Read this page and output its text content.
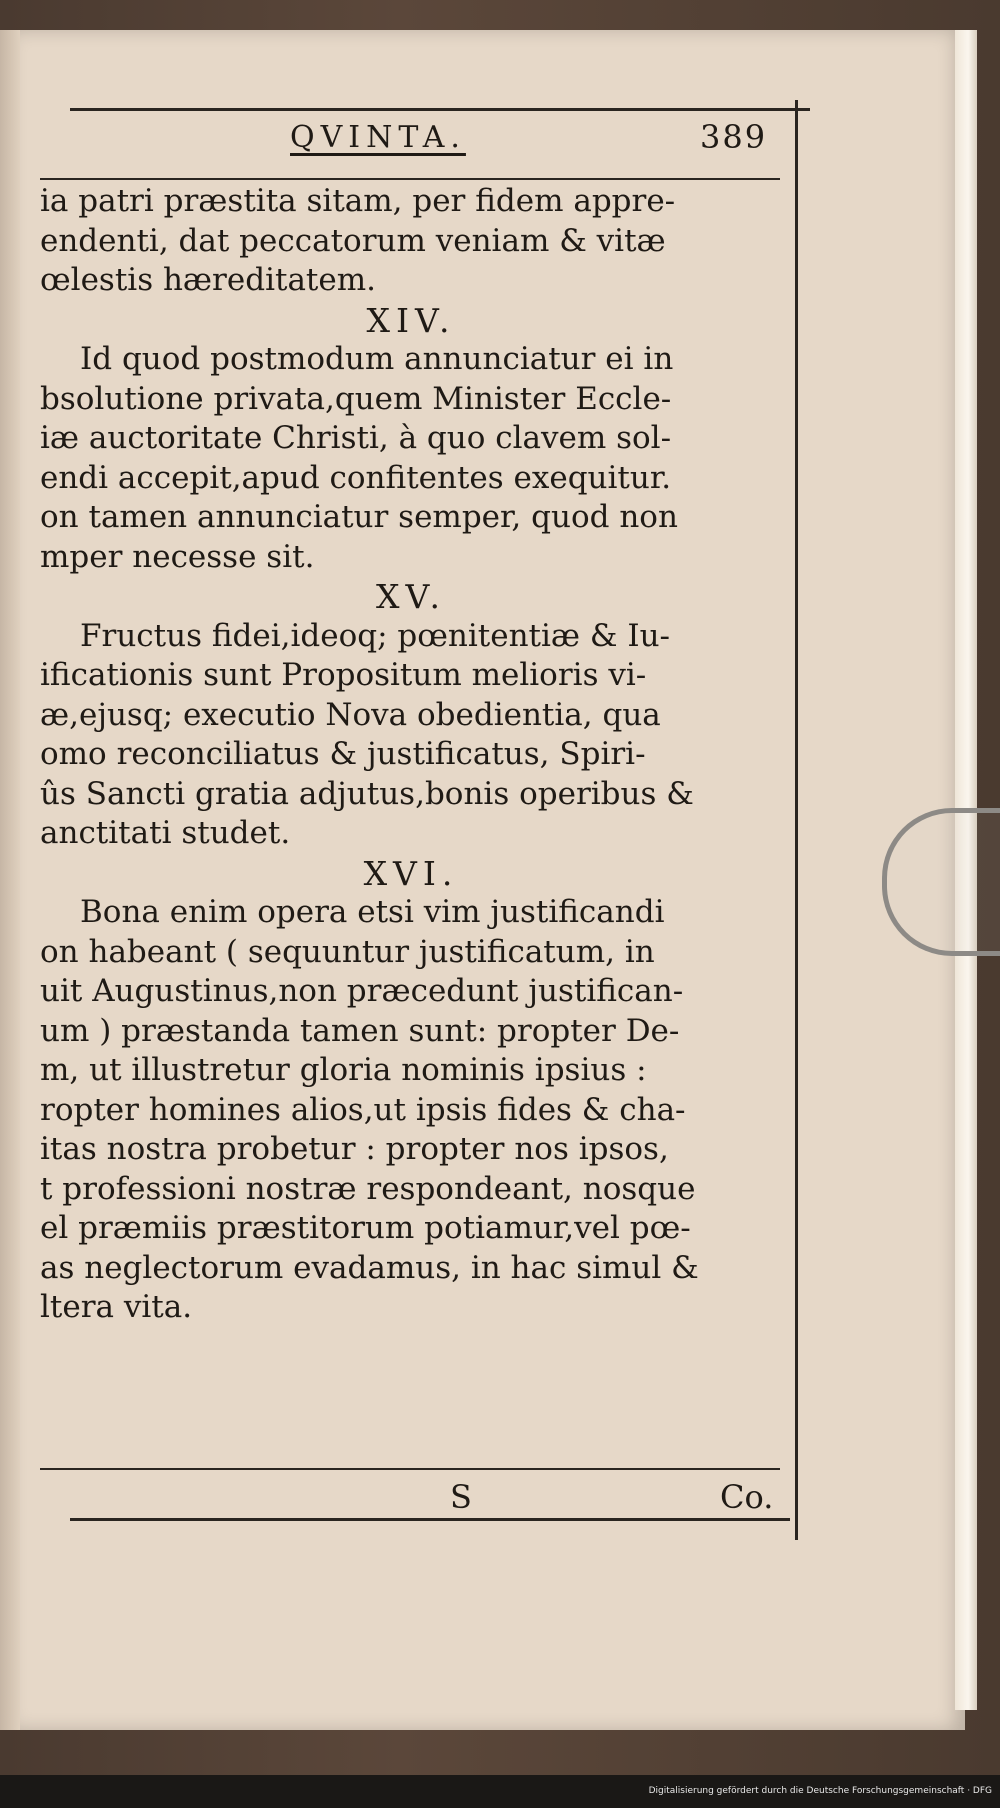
QVINTA.	389
ia patri præstita sitam, per fidem appre-
endenti, dat peccatorum veniam & vitæ
œlestis hæreditatem.
XIV.
Id quod postmodum annunciatur ei in
bsolutione privata,quem Minister Eccle-
iæ auctoritate Christi, à quo clavem sol-
endi accepit,apud confitentes exequitur.
on tamen annunciatur semper, quod non
mper necesse sit.
XV.
Fructus fidei,ideoq; pœnitentiæ & Iu-
ificationis sunt Propositum melioris vi-
æ,ejusq; executio Nova obedientia, qua
omo reconciliatus & justificatus, Spiri-
ûs Sancti gratia adjutus,bonis operibus &
anctitati studet.
XVI.
Bona enim opera etsi vim justificandi
on habeant ( sequuntur justificatum, in
uit Augustinus,non præcedunt justifican-
um ) præstanda tamen sunt: propter De-
m, ut illustretur gloria nominis ipsius :
ropter homines alios,ut ipsis fides & cha-
itas nostra probetur : propter nos ipsos,
t professioni nostræ respondeant, nosque
el præmiis præstitorum potiamur,vel pœ-
as neglectorum evadamus, in hac simul &
ltera vita.
S	Co.
Digitalisierung gefördert durch die Deutsche Forschungsgemeinschaft · DFG
